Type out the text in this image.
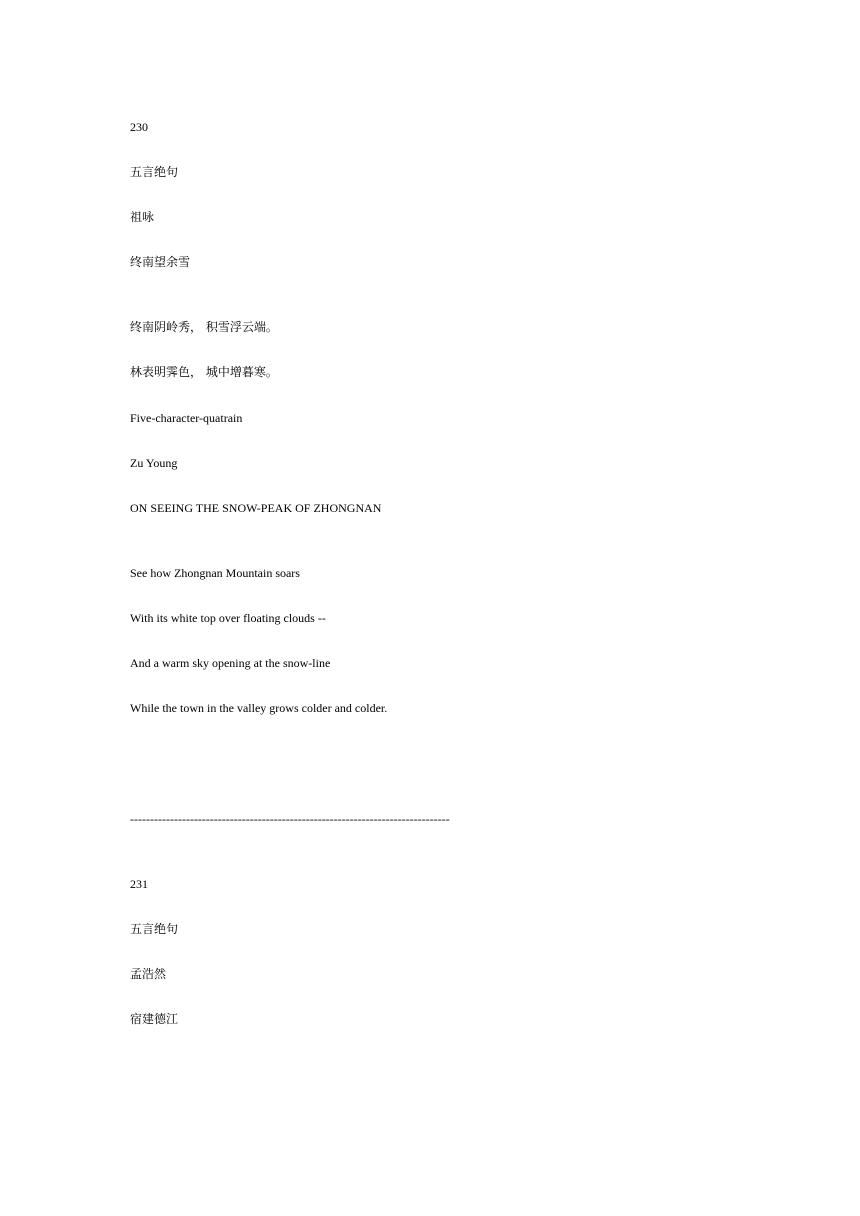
230
五言绝句
祖咏
终南望余雪
终南阴岭秀， 积雪浮云端。
林表明霁色， 城中增暮寒。
Five-character-quatrain
Zu Young
ON SEEING THE SNOW-PEAK OF ZHONGNAN
See how Zhongnan Mountain soars
With its white top over floating clouds --
And a warm sky opening at the snow-line
While the town in the valley grows colder and colder.
--------------------------------------------------------------------------------
231
五言绝句
孟浩然
宿建德江
